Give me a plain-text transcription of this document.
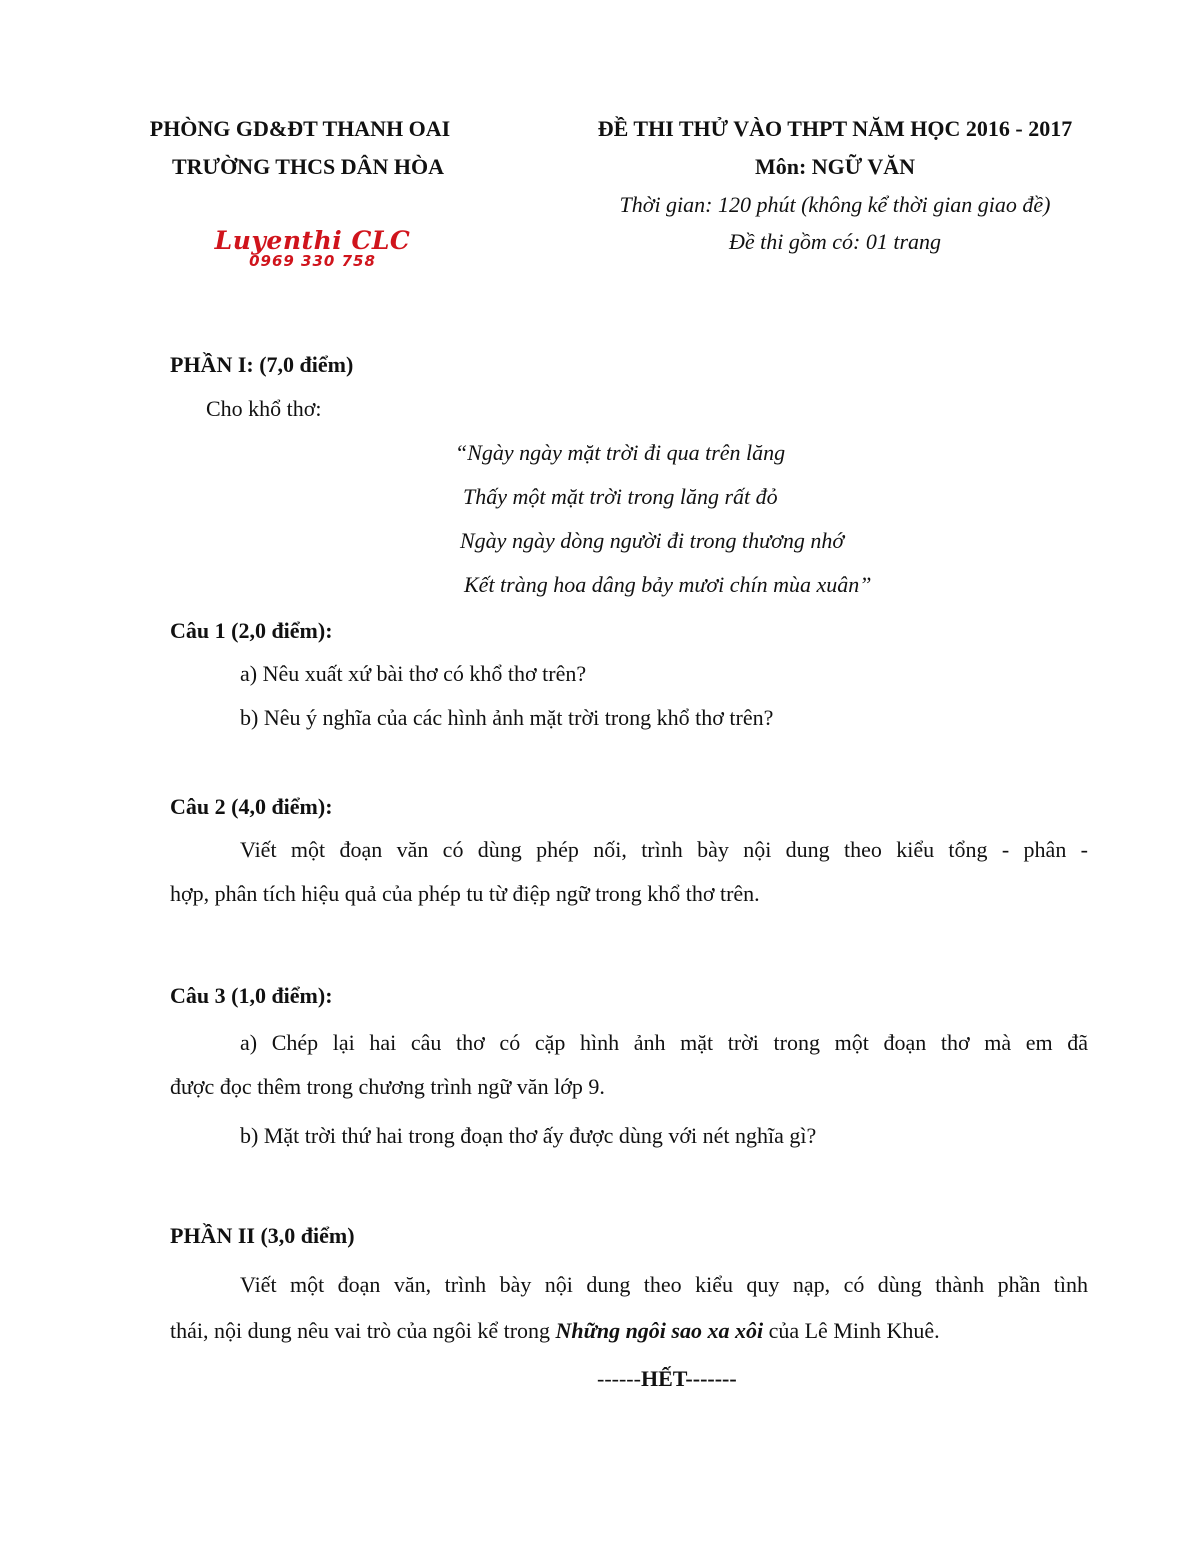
PHÒNG GD&ĐT THANH OAI
TRƯỜNG THCS DÂN HÒA
ĐỀ THI THỬ VÀO THPT NĂM HỌC 2016 - 2017
Môn: NGỮ VĂN
Thời gian: 120 phút (không kể thời gian giao đề)
Đề thi gồm có: 01 trang
Luyenthi CLC
0969 330 758
PHẦN I: (7,0 điểm)
Cho khổ thơ:
“Ngày ngày mặt trời đi qua trên lăng
Thấy một mặt trời trong lăng rất đỏ
Ngày ngày dòng người đi trong thương nhớ
Kết tràng hoa dâng bảy mươi chín mùa xuân”
Câu 1 (2,0 điểm):
a) Nêu xuất xứ bài thơ có khổ thơ trên?
b) Nêu ý nghĩa của các hình ảnh mặt trời trong khổ thơ trên?
Câu 2 (4,0 điểm):
Viết một đoạn văn có dùng phép nối, trình bày nội dung theo kiểu tổng - phân -
hợp, phân tích hiệu quả của phép tu từ điệp ngữ trong khổ thơ trên.
Câu 3 (1,0 điểm):
a) Chép lại hai câu thơ có cặp hình ảnh mặt trời trong một đoạn thơ mà em đã
được đọc thêm trong chương trình ngữ văn lớp 9.
b) Mặt trời thứ hai trong đoạn thơ ấy được dùng với nét nghĩa gì?
PHẦN II (3,0 điểm)
Viết một đoạn văn, trình bày nội dung theo kiểu quy nạp, có dùng thành phần tình
thái, nội dung nêu vai trò của ngôi kể trong Những ngôi sao xa xôi của Lê Minh Khuê.
------HẾT-------
